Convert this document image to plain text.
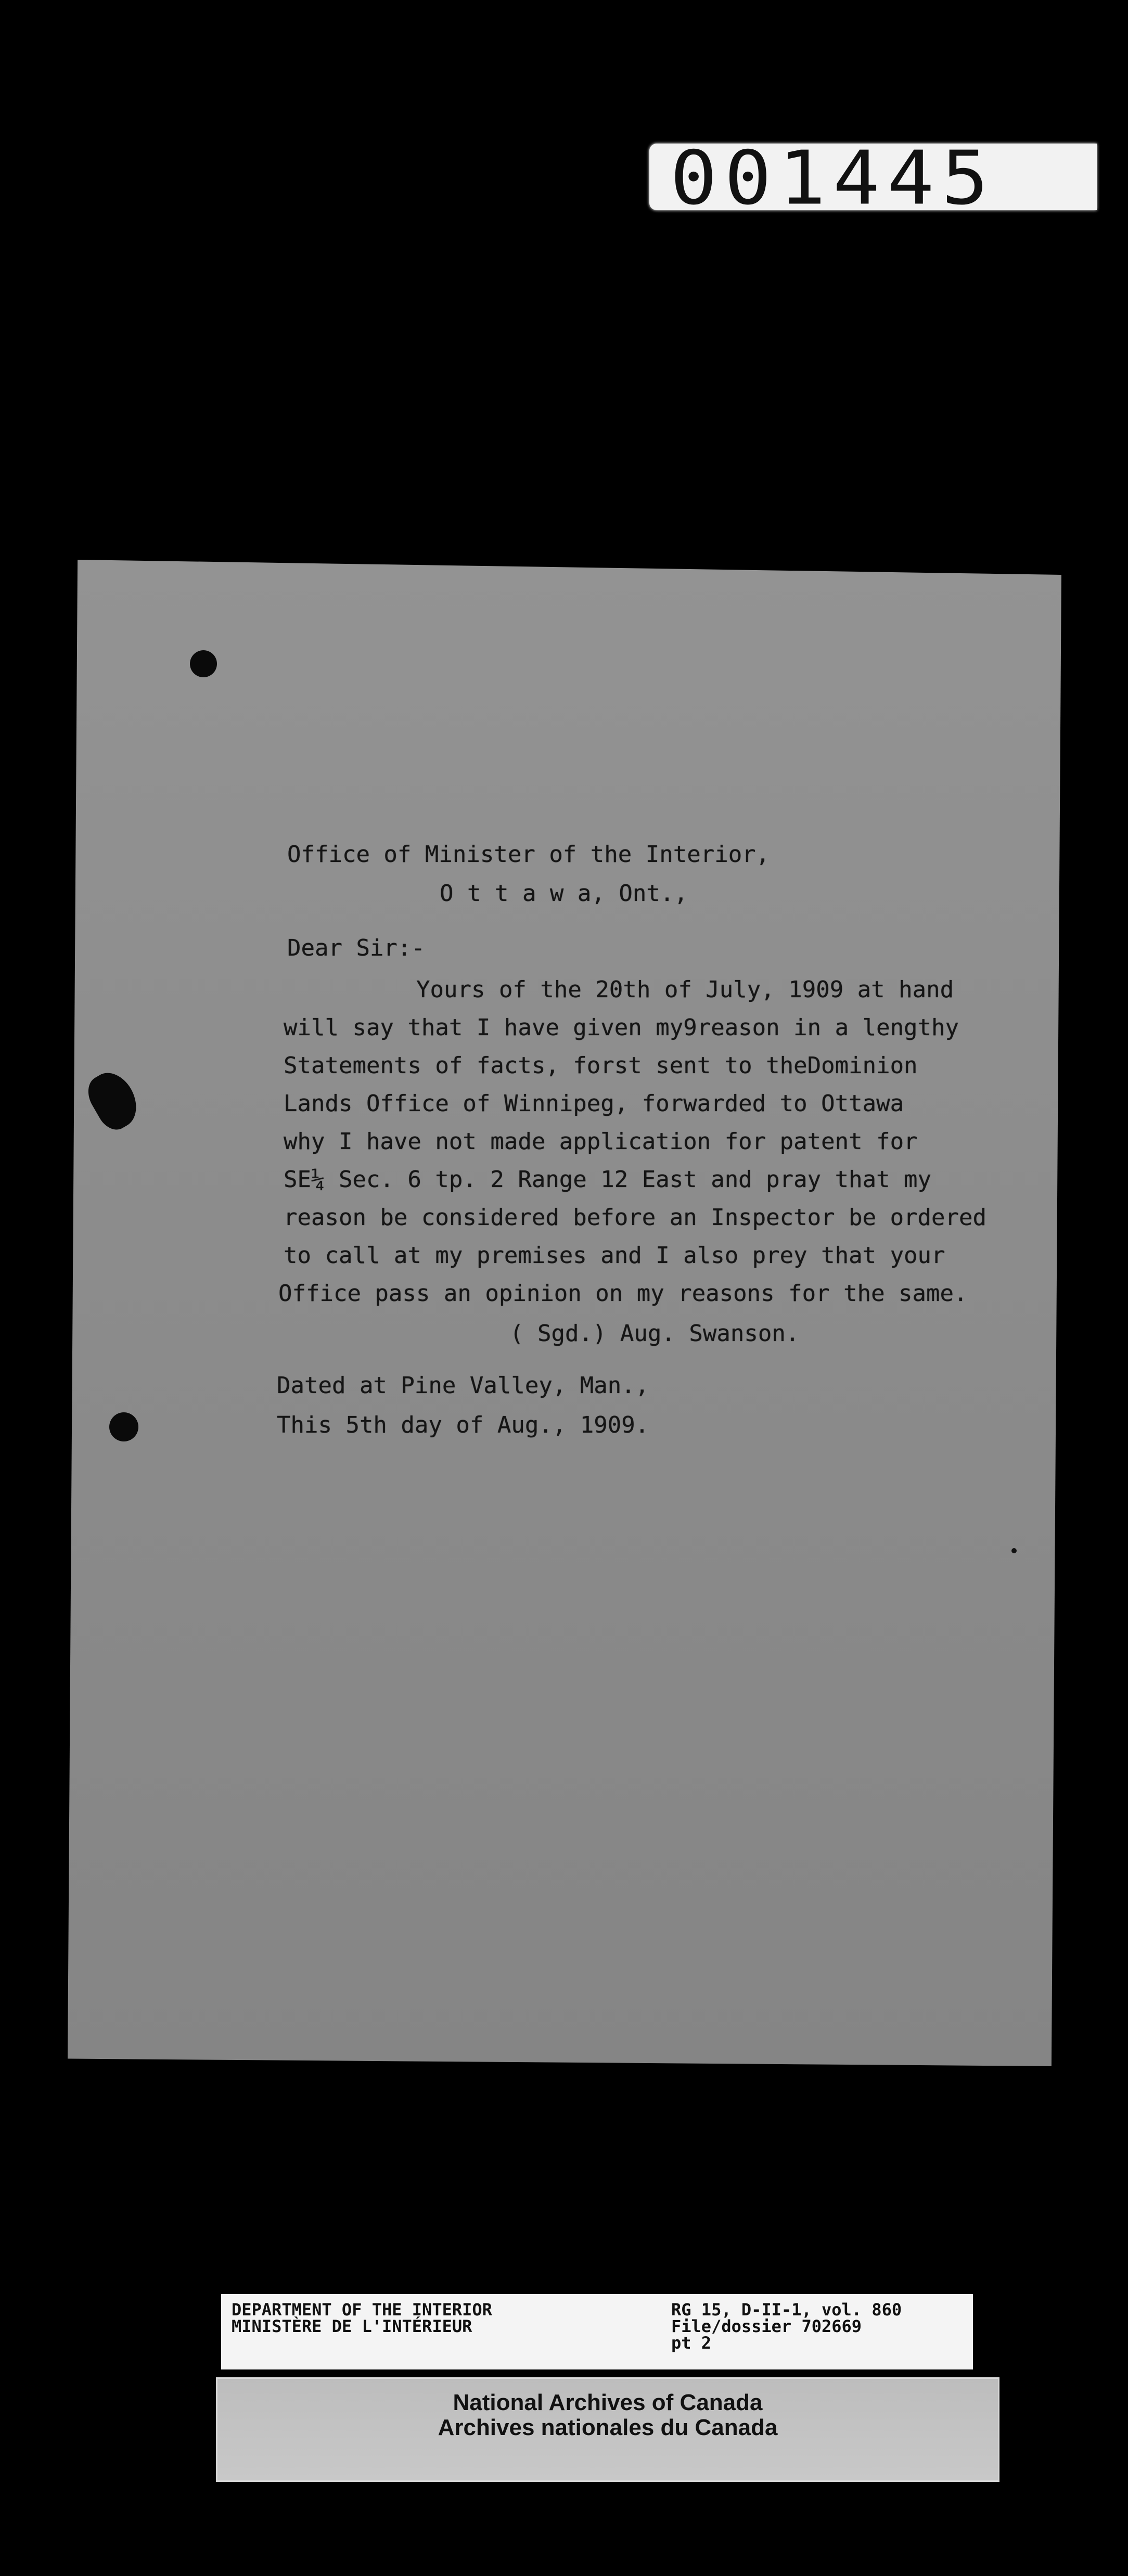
001445
Office of Minister of the Interior,
O t t a w a, Ont.,
Dear Sir:-
Yours of the 20th of July, 1909 at hand
will say that I have given my9reason in a lengthy
Statements of facts, forst sent to theDominion
Lands Office of Winnipeg, forwarded to Ottawa
why I have not made application for patent for
SE¼ Sec. 6 tp. 2 Range 12 East and pray that my
reason be considered before an Inspector be ordered
to call at my premises and I also prey that your
Office pass an opinion on my reasons for the same.
( Sgd.) Aug. Swanson.
Dated at Pine Valley, Man.,
This 5th day of Aug., 1909.
DEPARTMENT OF THE INTERIOR
MINISTÈRE DE L'INTÉRIEUR
RG 15, D-II-1, vol. 860
File/dossier 702669
pt 2
National Archives of Canada
Archives nationales du Canada
